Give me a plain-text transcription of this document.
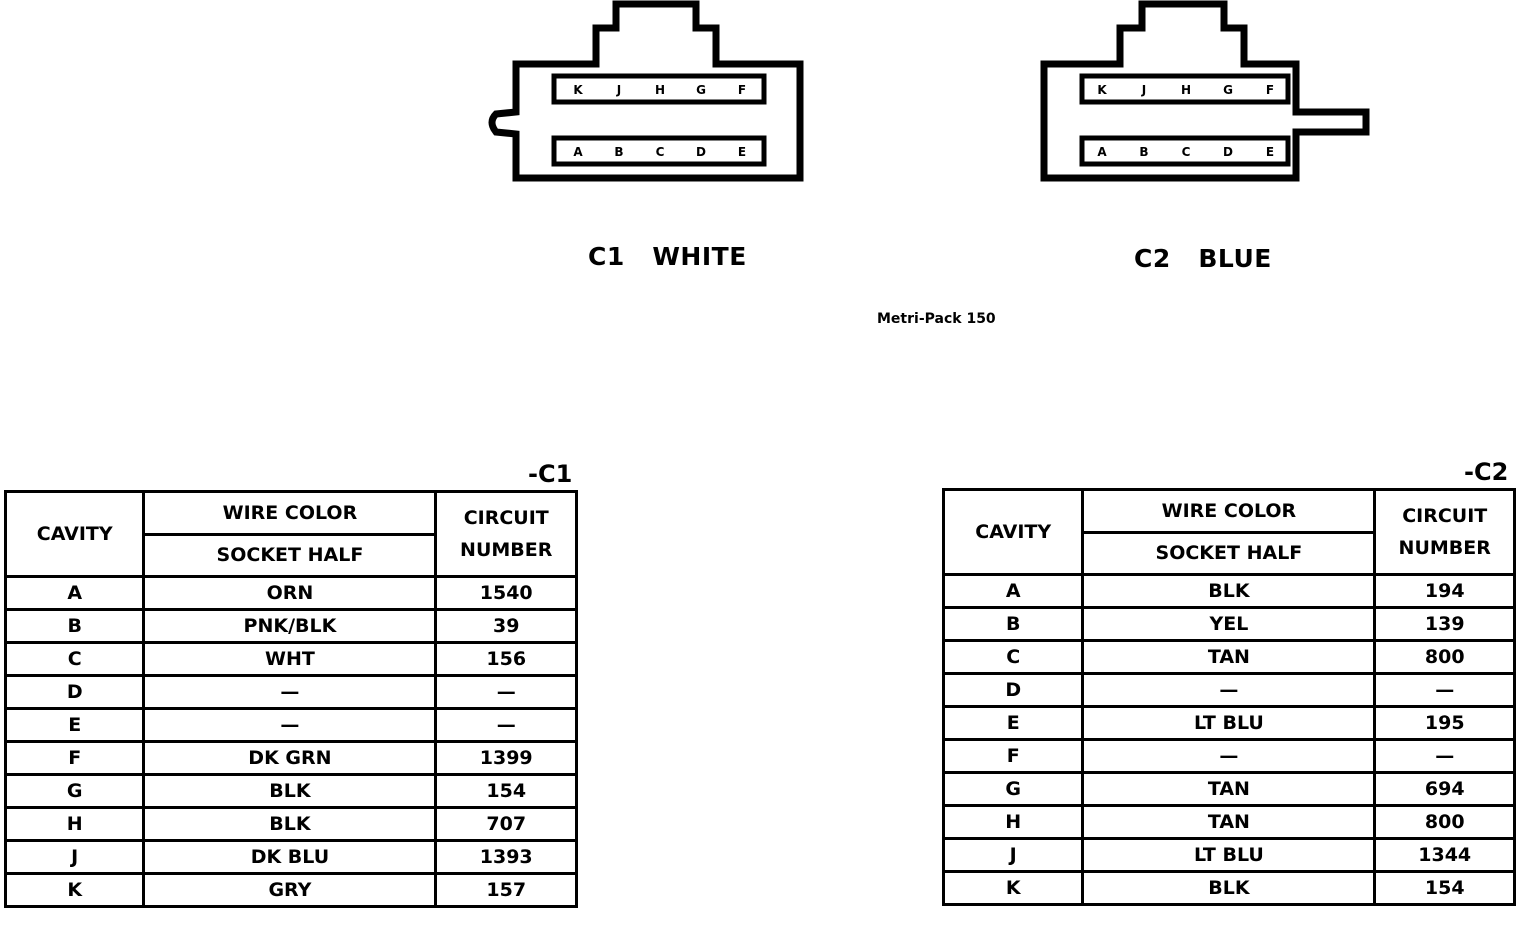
K	J	H	G	F
A	B	C	D	E
C1   WHITE
K	J	H	G	F
A	B	C	D	E
C2   BLUE
Metri-Pack 150
-C1
CAVITY	WIRE COLOR	CIRCUIT
NUMBER

	SOCKET HALF	
A	ORN	1540
B	PNK/BLK	39
C	WHT	156
D	—	—
E	—	—
F	DK GRN	1399
G	BLK	154
H	BLK	707
J	DK BLU	1393
K	GRY	157
-C2
CAVITY	WIRE COLOR	CIRCUIT
NUMBER

	SOCKET HALF	
A	BLK	194
B	YEL	139
C	TAN	800
D	—	—
E	LT BLU	195
F	—	—
G	TAN	694
H	TAN	800
J	LT BLU	1344
K	BLK	154
